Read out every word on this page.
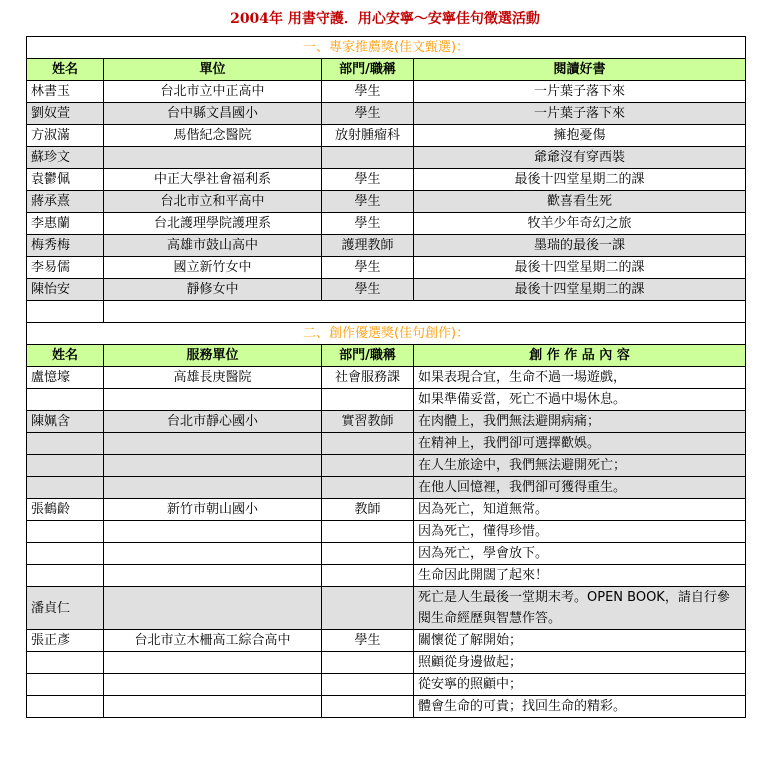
2004年 用書守護．用心安寧～安寧佳句徵選活動
一、專家推薦獎(佳文甄選)：			
姓名	單位	部門/職稱	閱讀好書
林書玉	台北市立中正高中	學生	一片葉子落下來
劉奴萱	台中縣文昌國小	學生	一片葉子落下來
方淑滿	馬偕紀念醫院	放射腫瘤科	擁抱憂傷
蘇珍文			爺爺沒有穿西裝
袁鬱佩	中正大學社會福利系	學生	最後十四堂星期二的課
蔣承熹	台北市立和平高中	學生	歡喜看生死
李惠蘭	台北護理學院護理系	學生	牧羊少年奇幻之旅
梅秀梅	高雄市鼓山高中	護理教師	墨瑞的最後一課
李易儒	國立新竹女中	學生	最後十四堂星期二的課
陳怡安	靜修女中	學生	最後十四堂星期二的課

二、創作優選獎(佳句創作)：			
姓名	服務單位	部門/職稱	創 作 作 品 內 容
盧憶壕	高雄長庚醫院	社會服務課	如果表現合宜，生命不過一場遊戲，
			如果準備妥當，死亡不過中場休息。
陳姵含	台北市靜心國小	實習教師	在肉體上，我們無法避開病痛；
			在精神上，我們卻可選擇歡娛。
			在人生旅途中，我們無法避開死亡；
			在他人回憶裡，我們卻可獲得重生。
張鶴齡	新竹市朝山國小	教師	因為死亡，知道無常。
			因為死亡，懂得珍惜。
			因為死亡，學會放下。
			生命因此開闊了起來！
潘貞仁			死亡是人生最後一堂期末考。OPEN BOOK，請自行參閱生命經歷與智慧作答。
張正彥	台北市立木柵高工綜合高中	學生	關懷從了解開始；
			照顧從身邊做起；
			從安寧的照顧中；
			體會生命的可貴；找回生命的精彩。
